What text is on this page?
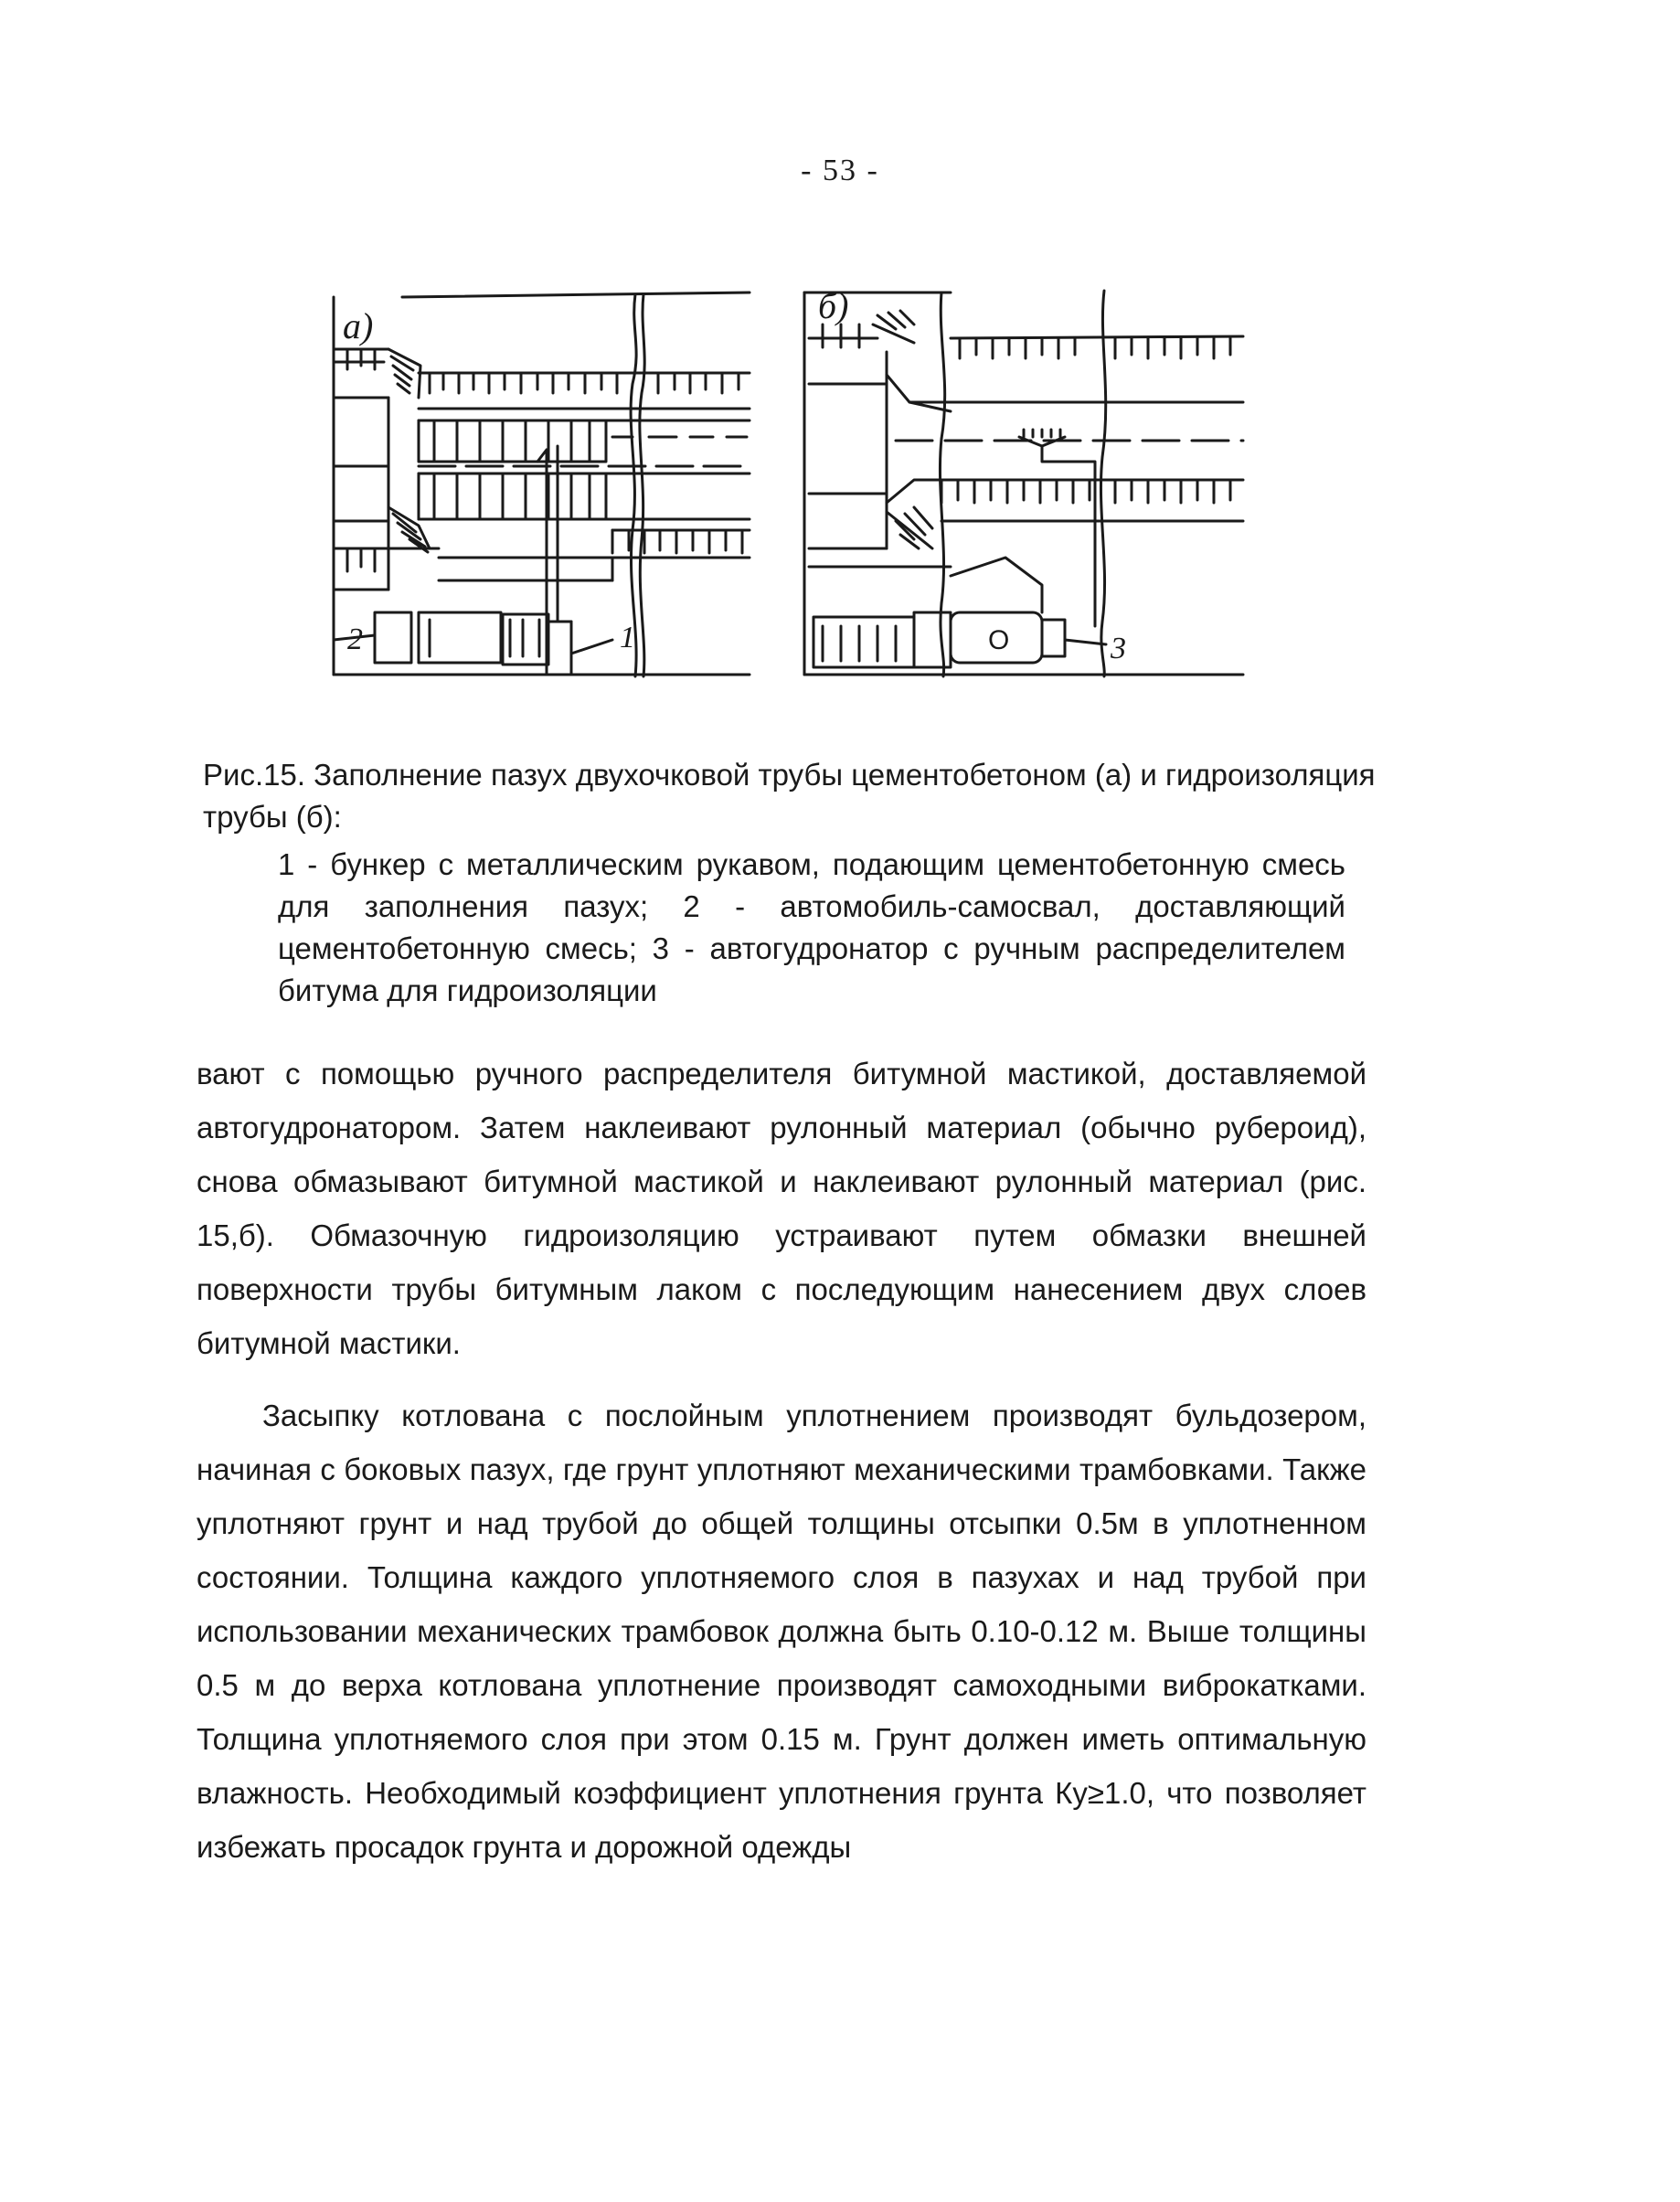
- 53 -
а)	б)
1
2	3
O

Рис.15. Заполнение пазух двухочковой трубы цементобетоном (а) и гидроизоляция трубы (б):

1 - бункер с металлическим рукавом, подающим цементобетонную смесь для заполнения пазух; 2 - автомобиль-самосвал, доставляющий цементобетонную смесь; 3 - автогудронатор с ручным распределителем битума для гидроизоляции

вают с помощью ручного распределителя битумной мастикой, доставляемой автогудронатором. Затем наклеивают рулонный материал (обычно рубероид), снова обмазывают битумной мастикой и наклеивают рулонный материал (рис. 15,б). Обмазочную гидроизоляцию устраивают путем обмазки внешней поверхности трубы битумным лаком с последующим нанесением двух слоев битумной мастики.

Засыпку котлована с послойным уплотнением производят бульдозером, начиная с боковых пазух, где грунт уплотняют механическими трамбовками. Также уплотняют грунт и над трубой до общей толщины отсыпки 0.5м в уплотненном состоянии. Толщина каждого уплотняемого слоя в пазухах и над трубой при использовании механических трамбовок должна быть 0.10-0.12 м. Выше толщины 0.5 м до верха котлована уплотнение производят самоходными виброкатками. Толщина уплотняемого слоя при этом 0.15 м. Грунт должен иметь оптимальную влажность. Необходимый коэффициент уплотнения грунта Ку≥1.0, что позволяет избежать просадок грунта и дорожной одежды
